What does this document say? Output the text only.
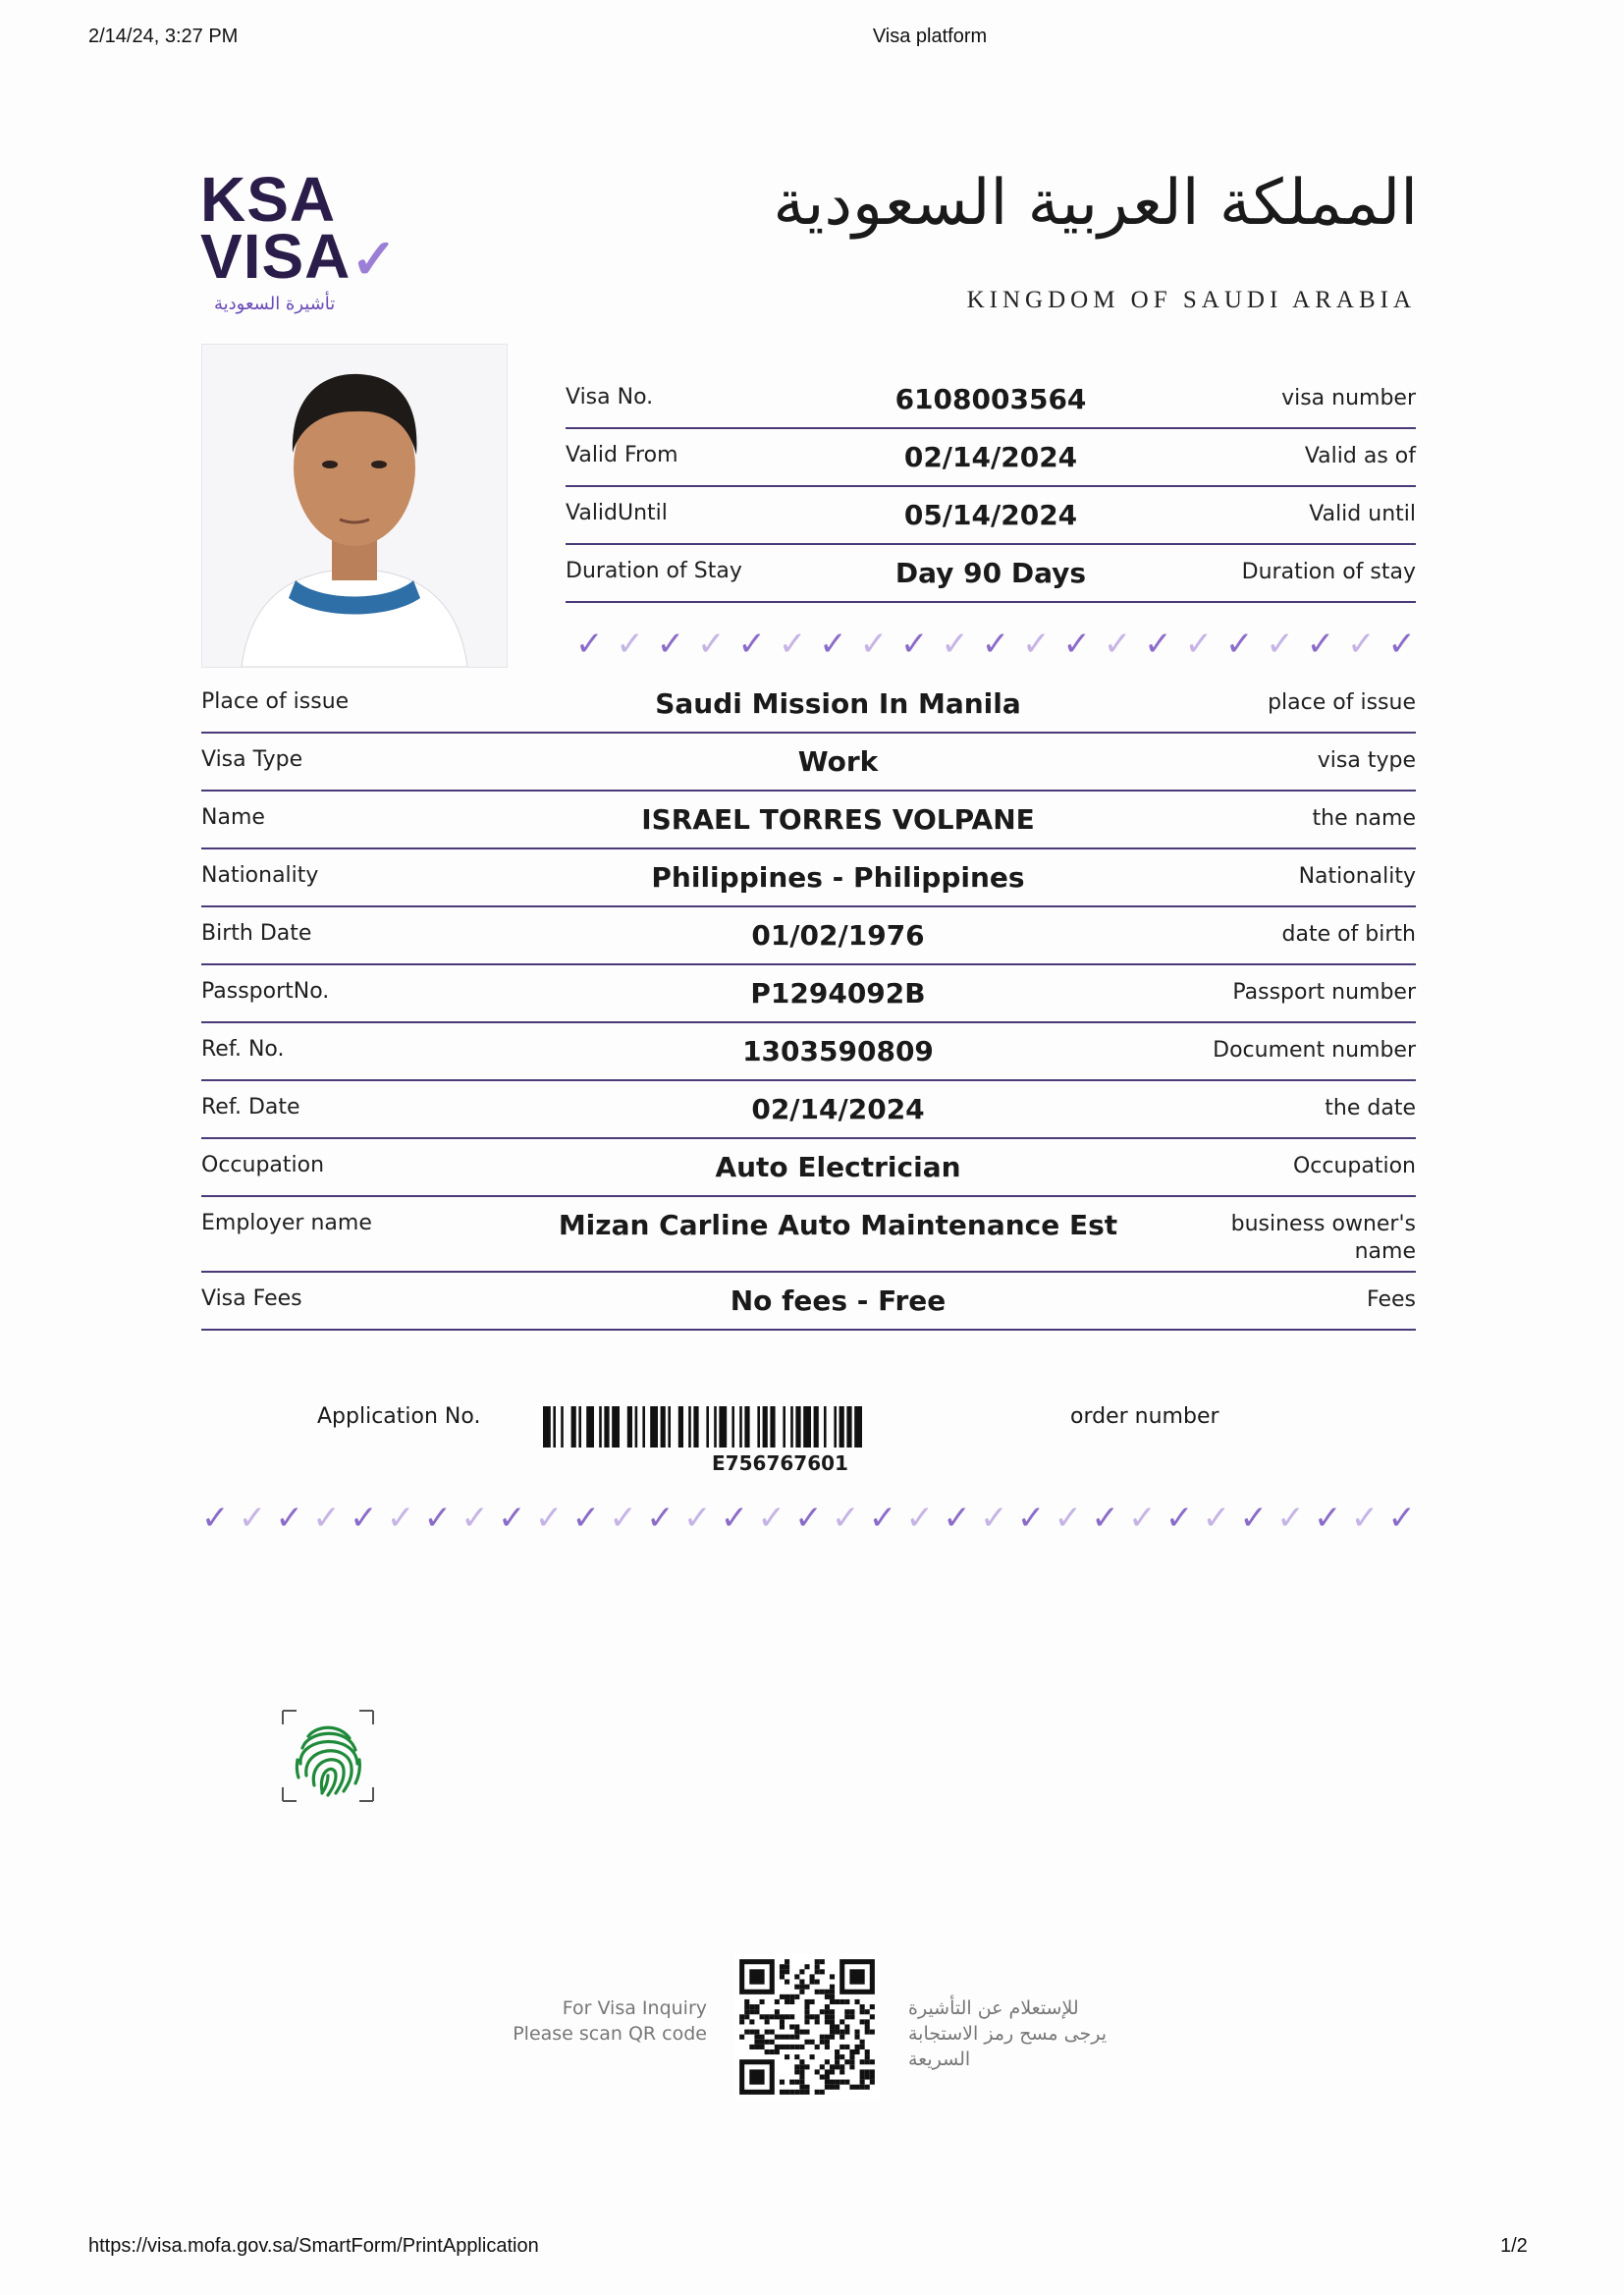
2/14/24, 3:27 PM	Visa platform
KSA
VISA✓
تأشيرة السعودية
المملكة العربية السعودية
KINGDOM OF SAUDI ARABIA
Visa No.	6108003564	visa number
Valid From	02/14/2024	Valid as of
ValidUntil	05/14/2024	Valid until
Duration of Stay	Day 90 Days	Duration of stay
✓ ✓ ✓ ✓ ✓ ✓ ✓ ✓ ✓ ✓ ✓ ✓ ✓ ✓ ✓ ✓ ✓ ✓ ✓ ✓ ✓
Place of issue	Saudi Mission In Manila	place of issue
Visa Type	Work	visa type
Name	ISRAEL TORRES VOLPANE	the name
Nationality	Philippines - Philippines	Nationality
Birth Date	01/02/1976	date of birth
PassportNo.	P1294092B	Passport number
Ref. No.	1303590809	Document number
Ref. Date	02/14/2024	the date
Occupation	Auto Electrician	Occupation
Employer name	Mizan Carline Auto Maintenance Est	business owner's name
Visa Fees	No fees - Free	Fees
Application No.
E756767601
order number
✓ ✓ ✓ ✓ ✓ ✓ ✓ ✓ ✓ ✓ ✓ ✓ ✓ ✓ ✓ ✓ ✓ ✓ ✓ ✓ ✓ ✓ ✓ ✓ ✓ ✓ ✓ ✓ ✓ ✓ ✓ ✓ ✓
For Visa Inquiry
Please scan QR code
للإستعلام عن التأشيرة
يرجى مسح رمز الاستجابة السريعة
https://visa.mofa.gov.sa/SmartForm/PrintApplication	1/2
